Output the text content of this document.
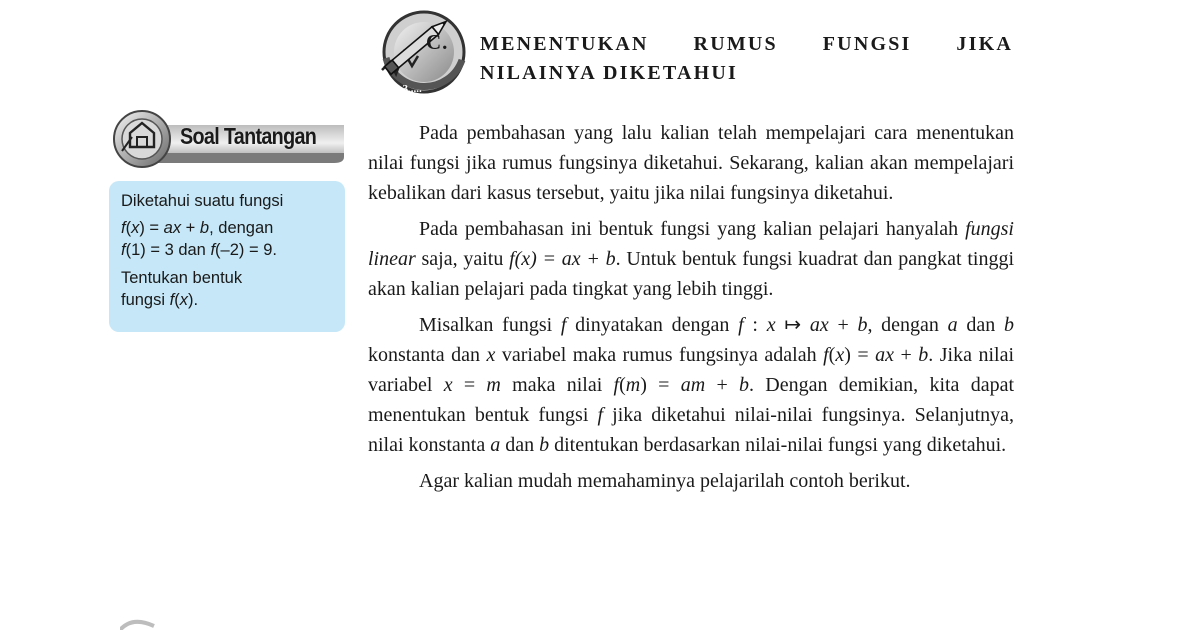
1,2,3,....
C. MENENTUKAN RUMUS FUNGSI JIKA
NILAINYA DIKETAHUI
Soal Tantangan

Diketahui suatu fungsi

f(x) = ax + b, dengan

f(1) = 3 dan f(–2) = 9.

Tentukan bentuk

fungsi f(x).

Pada pembahasan yang lalu kalian telah mempelajari cara menentukan nilai fungsi jika rumus fungsinya diketahui. Sekarang, kalian akan mempelajari kebalikan dari kasus tersebut, yaitu jika nilai fungsinya diketahui.

Pada pembahasan ini bentuk fungsi yang kalian pelajari hanyalah fungsi linear saja, yaitu f(x) = ax + b. Untuk bentuk fungsi kuadrat dan pangkat tinggi akan kalian pelajari pada tingkat yang lebih tinggi.

Misalkan fungsi f dinyatakan dengan f : x ↦ ax + b, dengan a dan b konstanta dan x variabel maka rumus fungsinya adalah f(x) = ax + b. Jika nilai variabel x = m maka nilai f(m) = am + b. Dengan demikian, kita dapat menentukan bentuk fungsi f jika diketahui nilai-nilai fungsinya. Selanjutnya, nilai konstanta a dan b ditentukan berdasarkan nilai-nilai fungsi yang diketahui.

Agar kalian mudah memahaminya pelajarilah contoh berikut.
